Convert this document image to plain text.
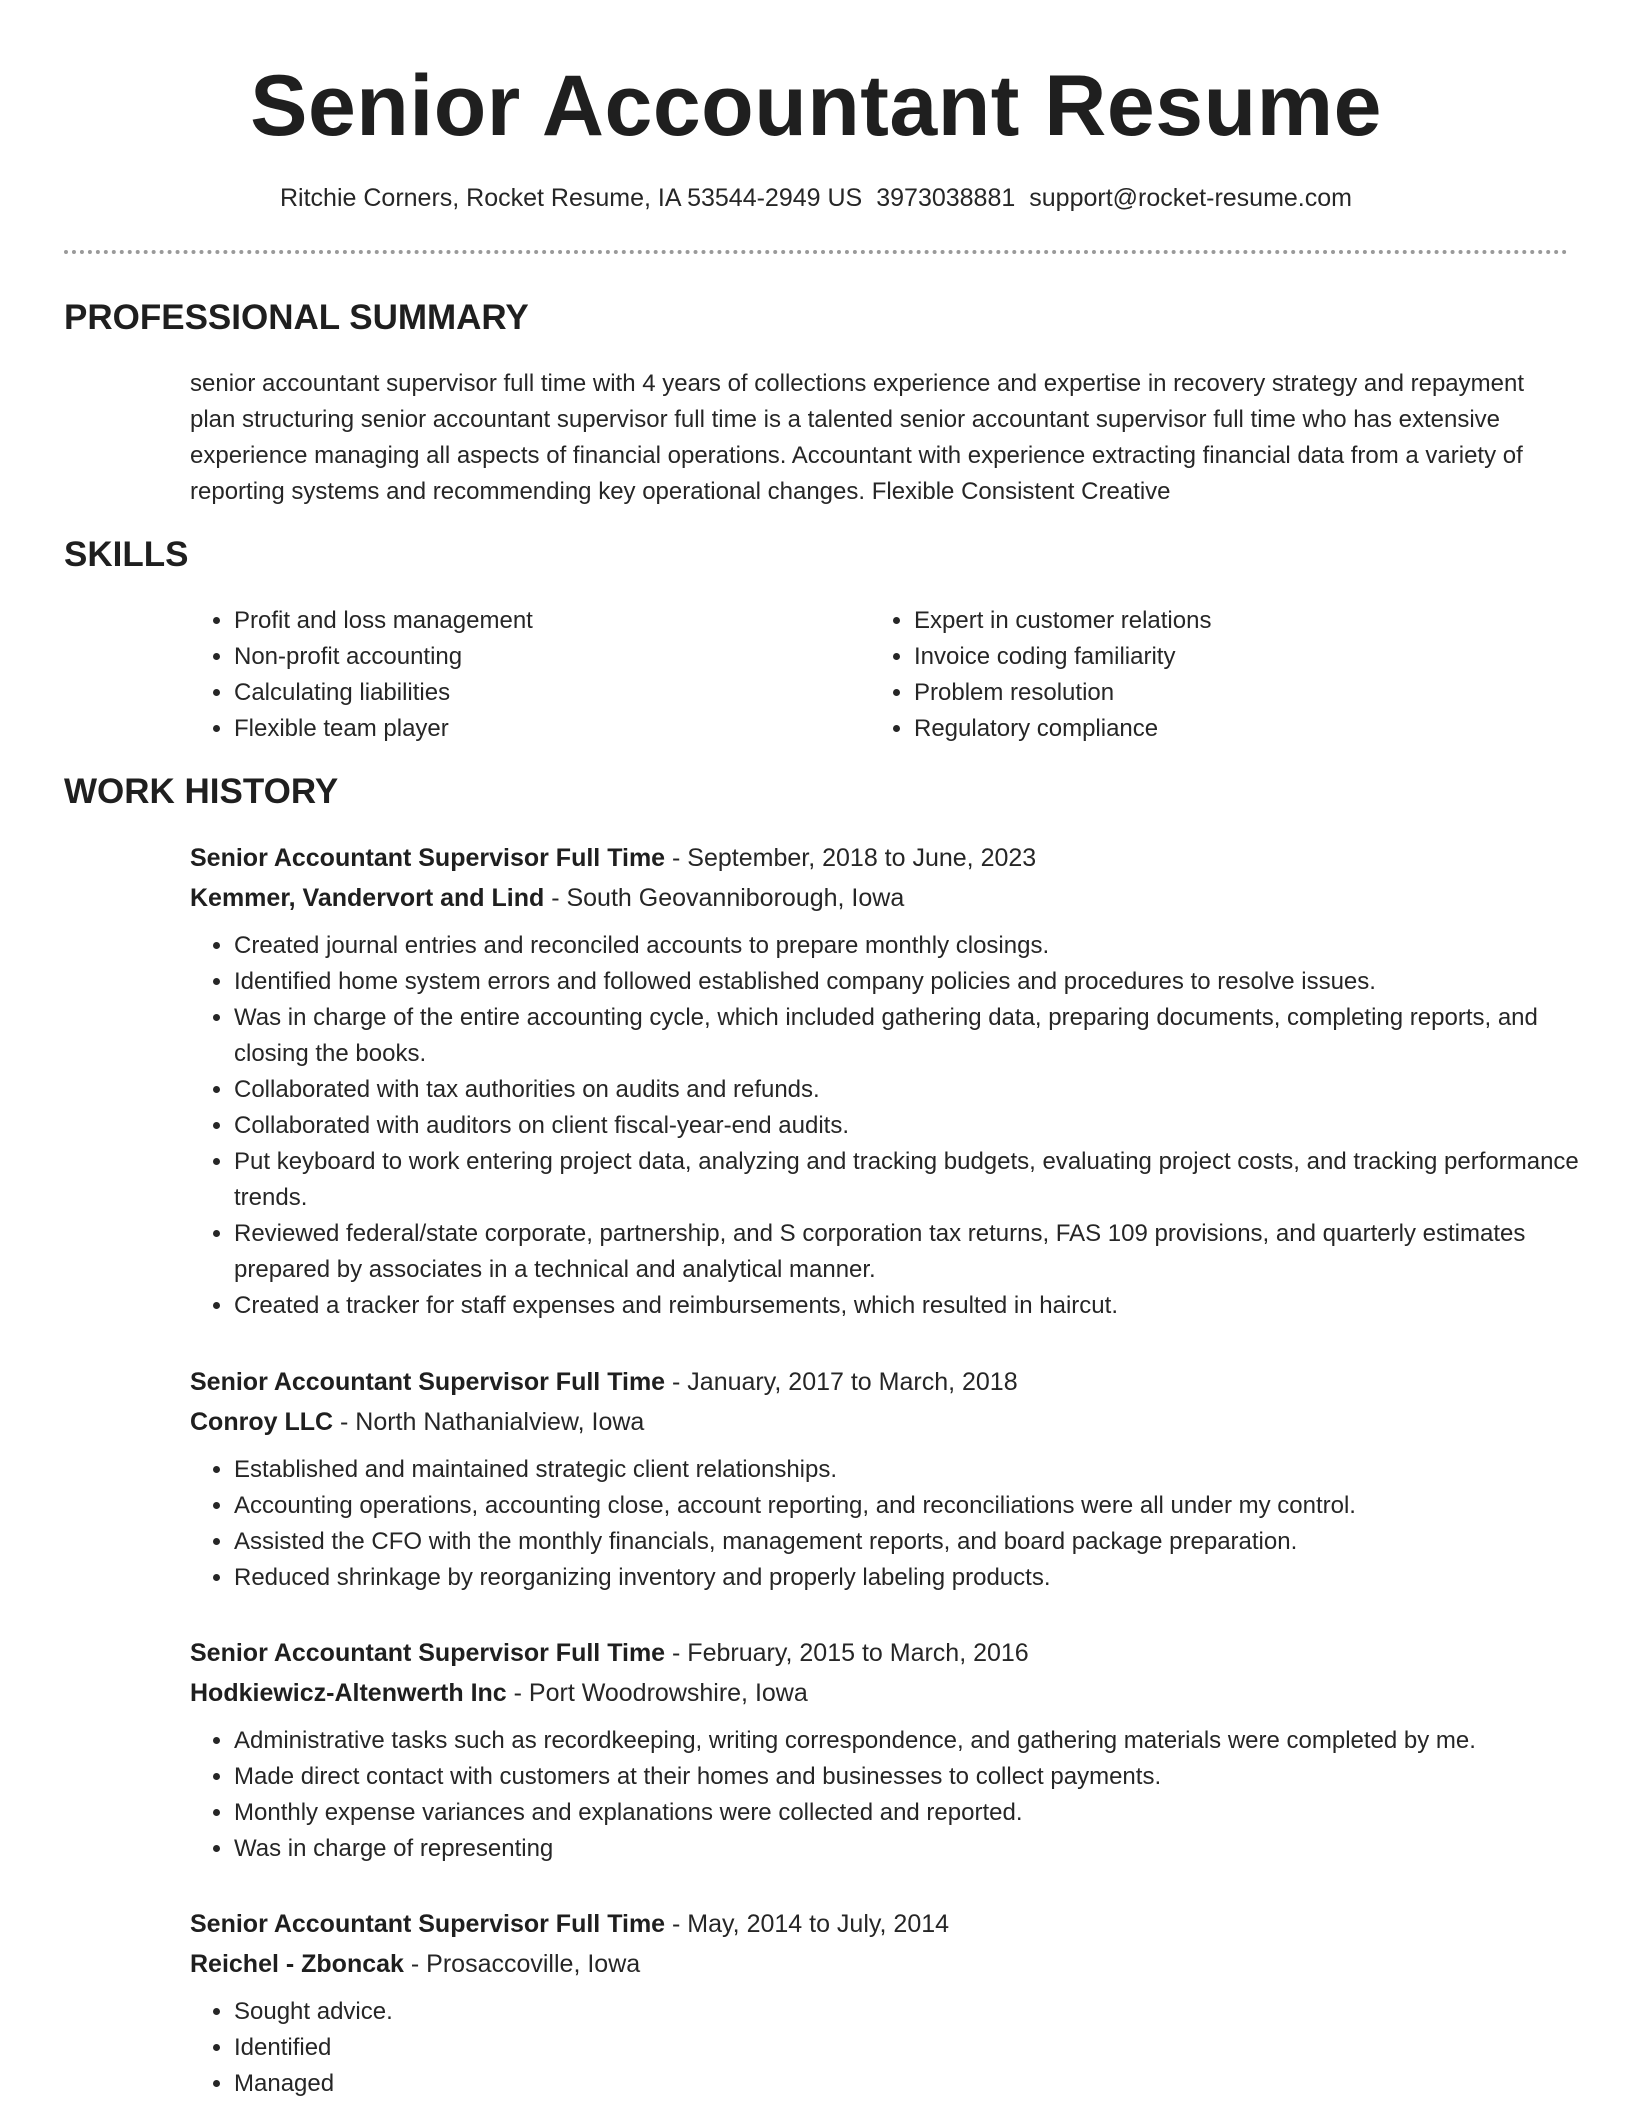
Senior Accountant Resume
Ritchie Corners, Rocket Resume, IA 53544-2949 US 3973038881 support@rocket-resume.com
PROFESSIONAL SUMMARY
senior accountant supervisor full time with 4 years of collections experience and expertise in recovery strategy and repayment plan structuring senior accountant supervisor full time is a talented senior accountant supervisor full time who has extensive experience managing all aspects of financial operations. Accountant with experience extracting financial data from a variety of reporting systems and recommending key operational changes. Flexible Consistent Creative
SKILLS
• Profit and loss management
• Non-profit accounting
• Calculating liabilities
• Flexible team player
• Expert in customer relations
• Invoice coding familiarity
• Problem resolution
• Regulatory compliance
WORK HISTORY
Senior Accountant Supervisor Full Time - September, 2018 to June, 2023
Kemmer, Vandervort and Lind - South Geovanniborough, Iowa
• Created journal entries and reconciled accounts to prepare monthly closings.
• Identified home system errors and followed established company policies and procedures to resolve issues.
• Was in charge of the entire accounting cycle, which included gathering data, preparing documents, completing reports, and closing the books.
• Collaborated with tax authorities on audits and refunds.
• Collaborated with auditors on client fiscal-year-end audits.
• Put keyboard to work entering project data, analyzing and tracking budgets, evaluating project costs, and tracking performance trends.
• Reviewed federal/state corporate, partnership, and S corporation tax returns, FAS 109 provisions, and quarterly estimates prepared by associates in a technical and analytical manner.
• Created a tracker for staff expenses and reimbursements, which resulted in haircut.
Senior Accountant Supervisor Full Time - January, 2017 to March, 2018
Conroy LLC - North Nathanialview, Iowa
• Established and maintained strategic client relationships.
• Accounting operations, accounting close, account reporting, and reconciliations were all under my control.
• Assisted the CFO with the monthly financials, management reports, and board package preparation.
• Reduced shrinkage by reorganizing inventory and properly labeling products.
Senior Accountant Supervisor Full Time - February, 2015 to March, 2016
Hodkiewicz-Altenwerth Inc - Port Woodrowshire, Iowa
• Administrative tasks such as recordkeeping, writing correspondence, and gathering materials were completed by me.
• Made direct contact with customers at their homes and businesses to collect payments.
• Monthly expense variances and explanations were collected and reported.
• Was in charge of representing
Senior Accountant Supervisor Full Time - May, 2014 to July, 2014
Reichel - Zboncak - Prosaccoville, Iowa
• Sought advice.
• Identified
• Managed
